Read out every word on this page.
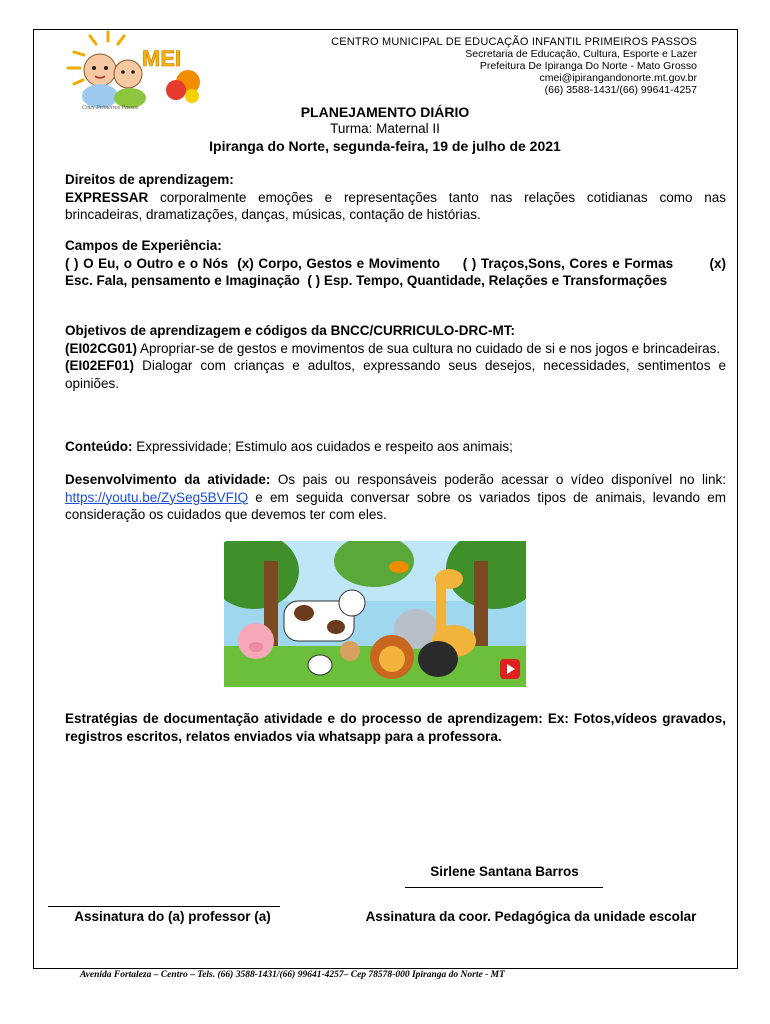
MEI
Cmei Primeiros Passos
CENTRO MUNICIPAL DE EDUCAÇÃO INFANTIL PRIMEIROS PASSOS
Secretaria de Educação, Cultura, Esporte e Lazer
Prefeitura De Ipiranga Do Norte - Mato Grosso
cmei@ipirangandonorte.mt.gov.br
(66) 3588-1431/(66) 99641-4257
PLANEJAMENTO DIÁRIO
Turma: Maternal II
Ipiranga do Norte, segunda-feira, 19 de julho de 2021
Direitos de aprendizagem:
EXPRESSAR corporalmente emoções e representações tanto nas relações cotidianas como nas brincadeiras, dramatizações, danças, músicas, contação de histórias.
Campos de Experiência:
( ) O Eu, o Outro e o Nós  (x) Corpo, Gestos e Movimento     ( ) Traços,Sons, Cores e Formas        (x) Esc. Fala, pensamento e Imaginação  ( ) Esp. Tempo, Quantidade, Relações e Transformações
Objetivos de aprendizagem e códigos da BNCC/CURRICULO-DRC-MT:
(EI02CG01) Apropriar-se de gestos e movimentos de sua cultura no cuidado de si e nos jogos e brincadeiras.
(EI02EF01) Dialogar com crianças e adultos, expressando seus desejos, necessidades, sentimentos e opiniões.
Conteúdo: Expressividade; Estimulo aos cuidados e respeito aos animais;
Desenvolvimento da atividade: Os pais ou responsáveis poderão acessar o vídeo disponível no link: https://youtu.be/ZySeg5BVFIQ e em seguida conversar sobre os variados tipos de animais, levando em consideração os cuidados que devemos ter com eles.
Estratégias de documentação atividade e do processo de aprendizagem: Ex: Fotos,vídeos gravados, registros escritos, relatos enviados via whatsapp para a professora.
Sirlene Santana Barros
Assinatura do (a) professor (a)	Assinatura da coor. Pedagógica da unidade escolar
Avenida Fortaleza – Centro – Tels. (66) 3588-1431/(66) 99641-4257– Cep 78578-000 Ipiranga do Norte - MT
